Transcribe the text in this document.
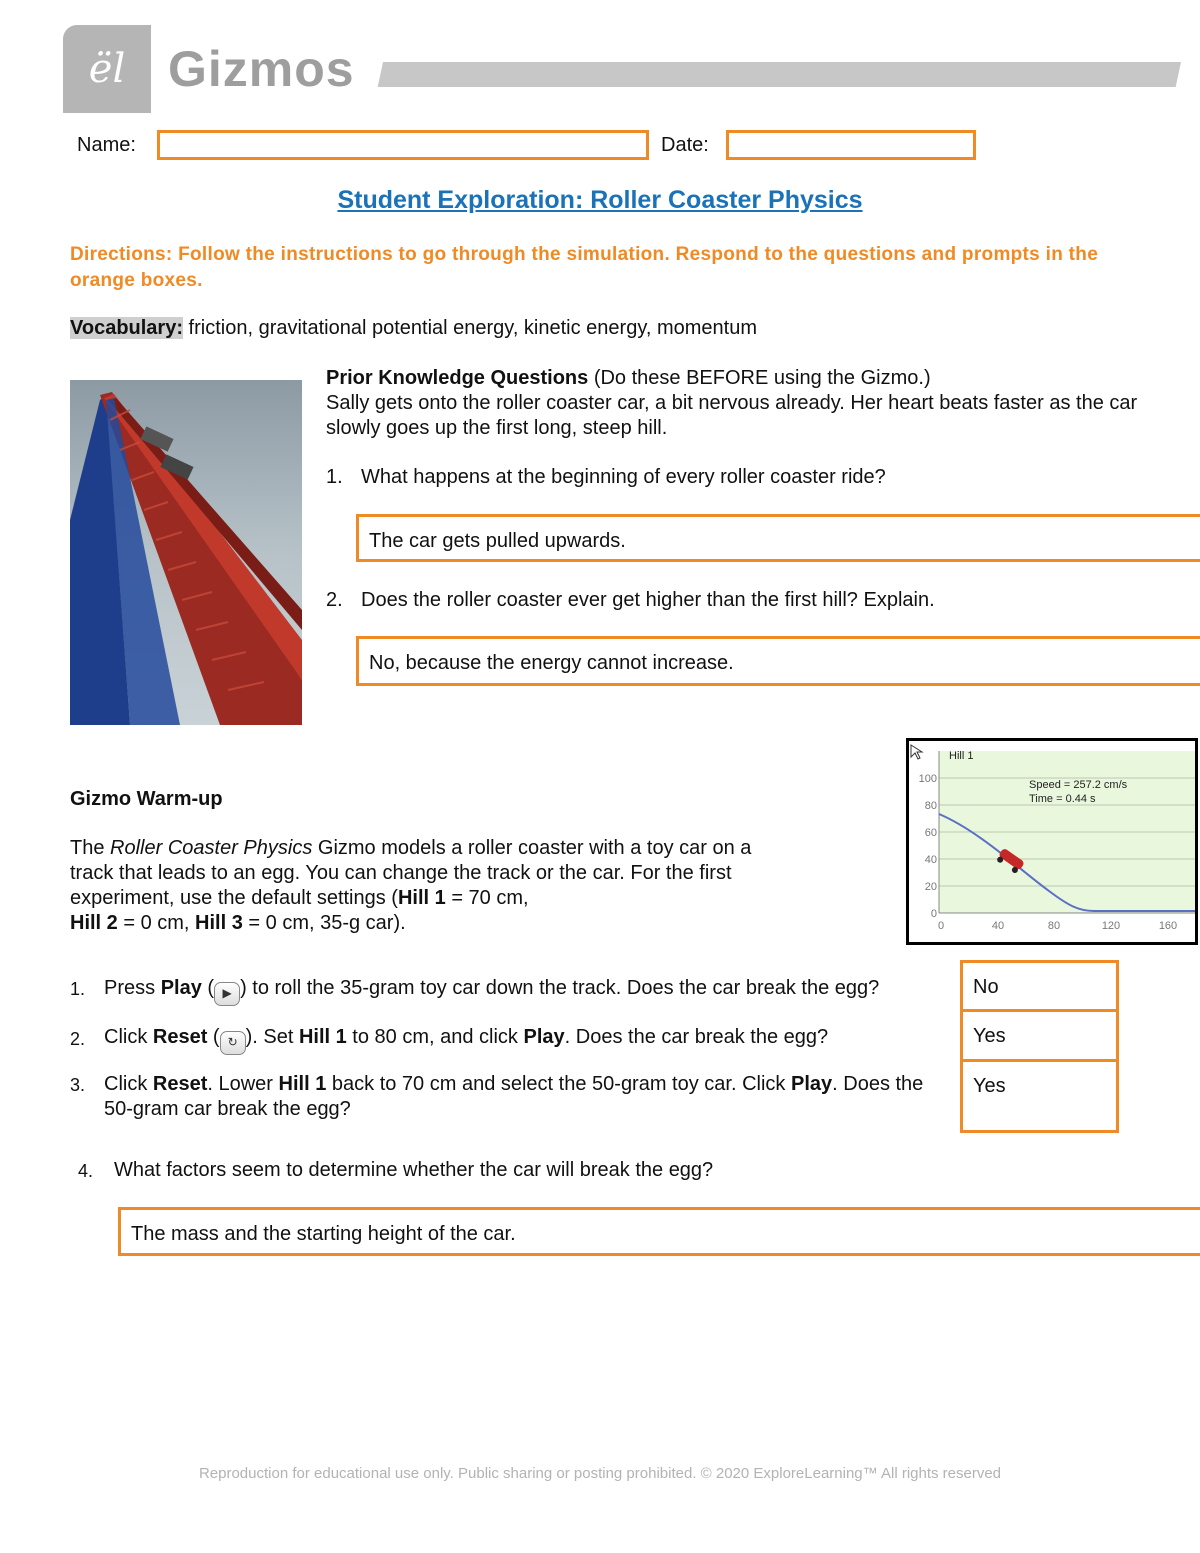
ël Gizmos
Name:	Date:
Student Exploration: Roller Coaster Physics
Directions: Follow the instructions to go through the simulation. Respond to the questions and prompts in the orange boxes.
Vocabulary: friction, gravitational potential energy, kinetic energy, momentum
Prior Knowledge Questions (Do these BEFORE using the Gizmo.)
Sally gets onto the roller coaster car, a bit nervous already. Her heart beats faster as the car slowly goes up the first long, steep hill.
1. What happens at the beginning of every roller coaster ride?
The car gets pulled upwards.
2. Does the roller coaster ever get higher than the first hill? Explain.
No, because the energy cannot increase.
Gizmo Warm-up
The Roller Coaster Physics Gizmo models a roller coaster with a toy car on a track that leads to an egg. You can change the track or the car. For the first experiment, use the default settings (Hill 1 = 70 cm,
Hill 2 = 0 cm, Hill 3 = 0 cm, 35-g car).
Hill 1
Speed = 257.2 cm/s
Time = 0.44 s
100
80
60
40
20
0
0	40	80	120	160
1. Press Play ( ▶ ) to roll the 35-gram toy car down the track. Does the car break the egg?
2. Click Reset ( ↻ ). Set Hill 1 to 80 cm, and click Play. Does the car break the egg?
3. Click Reset. Lower Hill 1 back to 70 cm and select the 50-gram toy car. Click Play. Does the 50-gram car break the egg?
No
Yes
Yes
4. What factors seem to determine whether the car will break the egg?
The mass and the starting height of the car.
Reproduction for educational use only. Public sharing or posting prohibited. © 2020 ExploreLearning™ All rights reserved
